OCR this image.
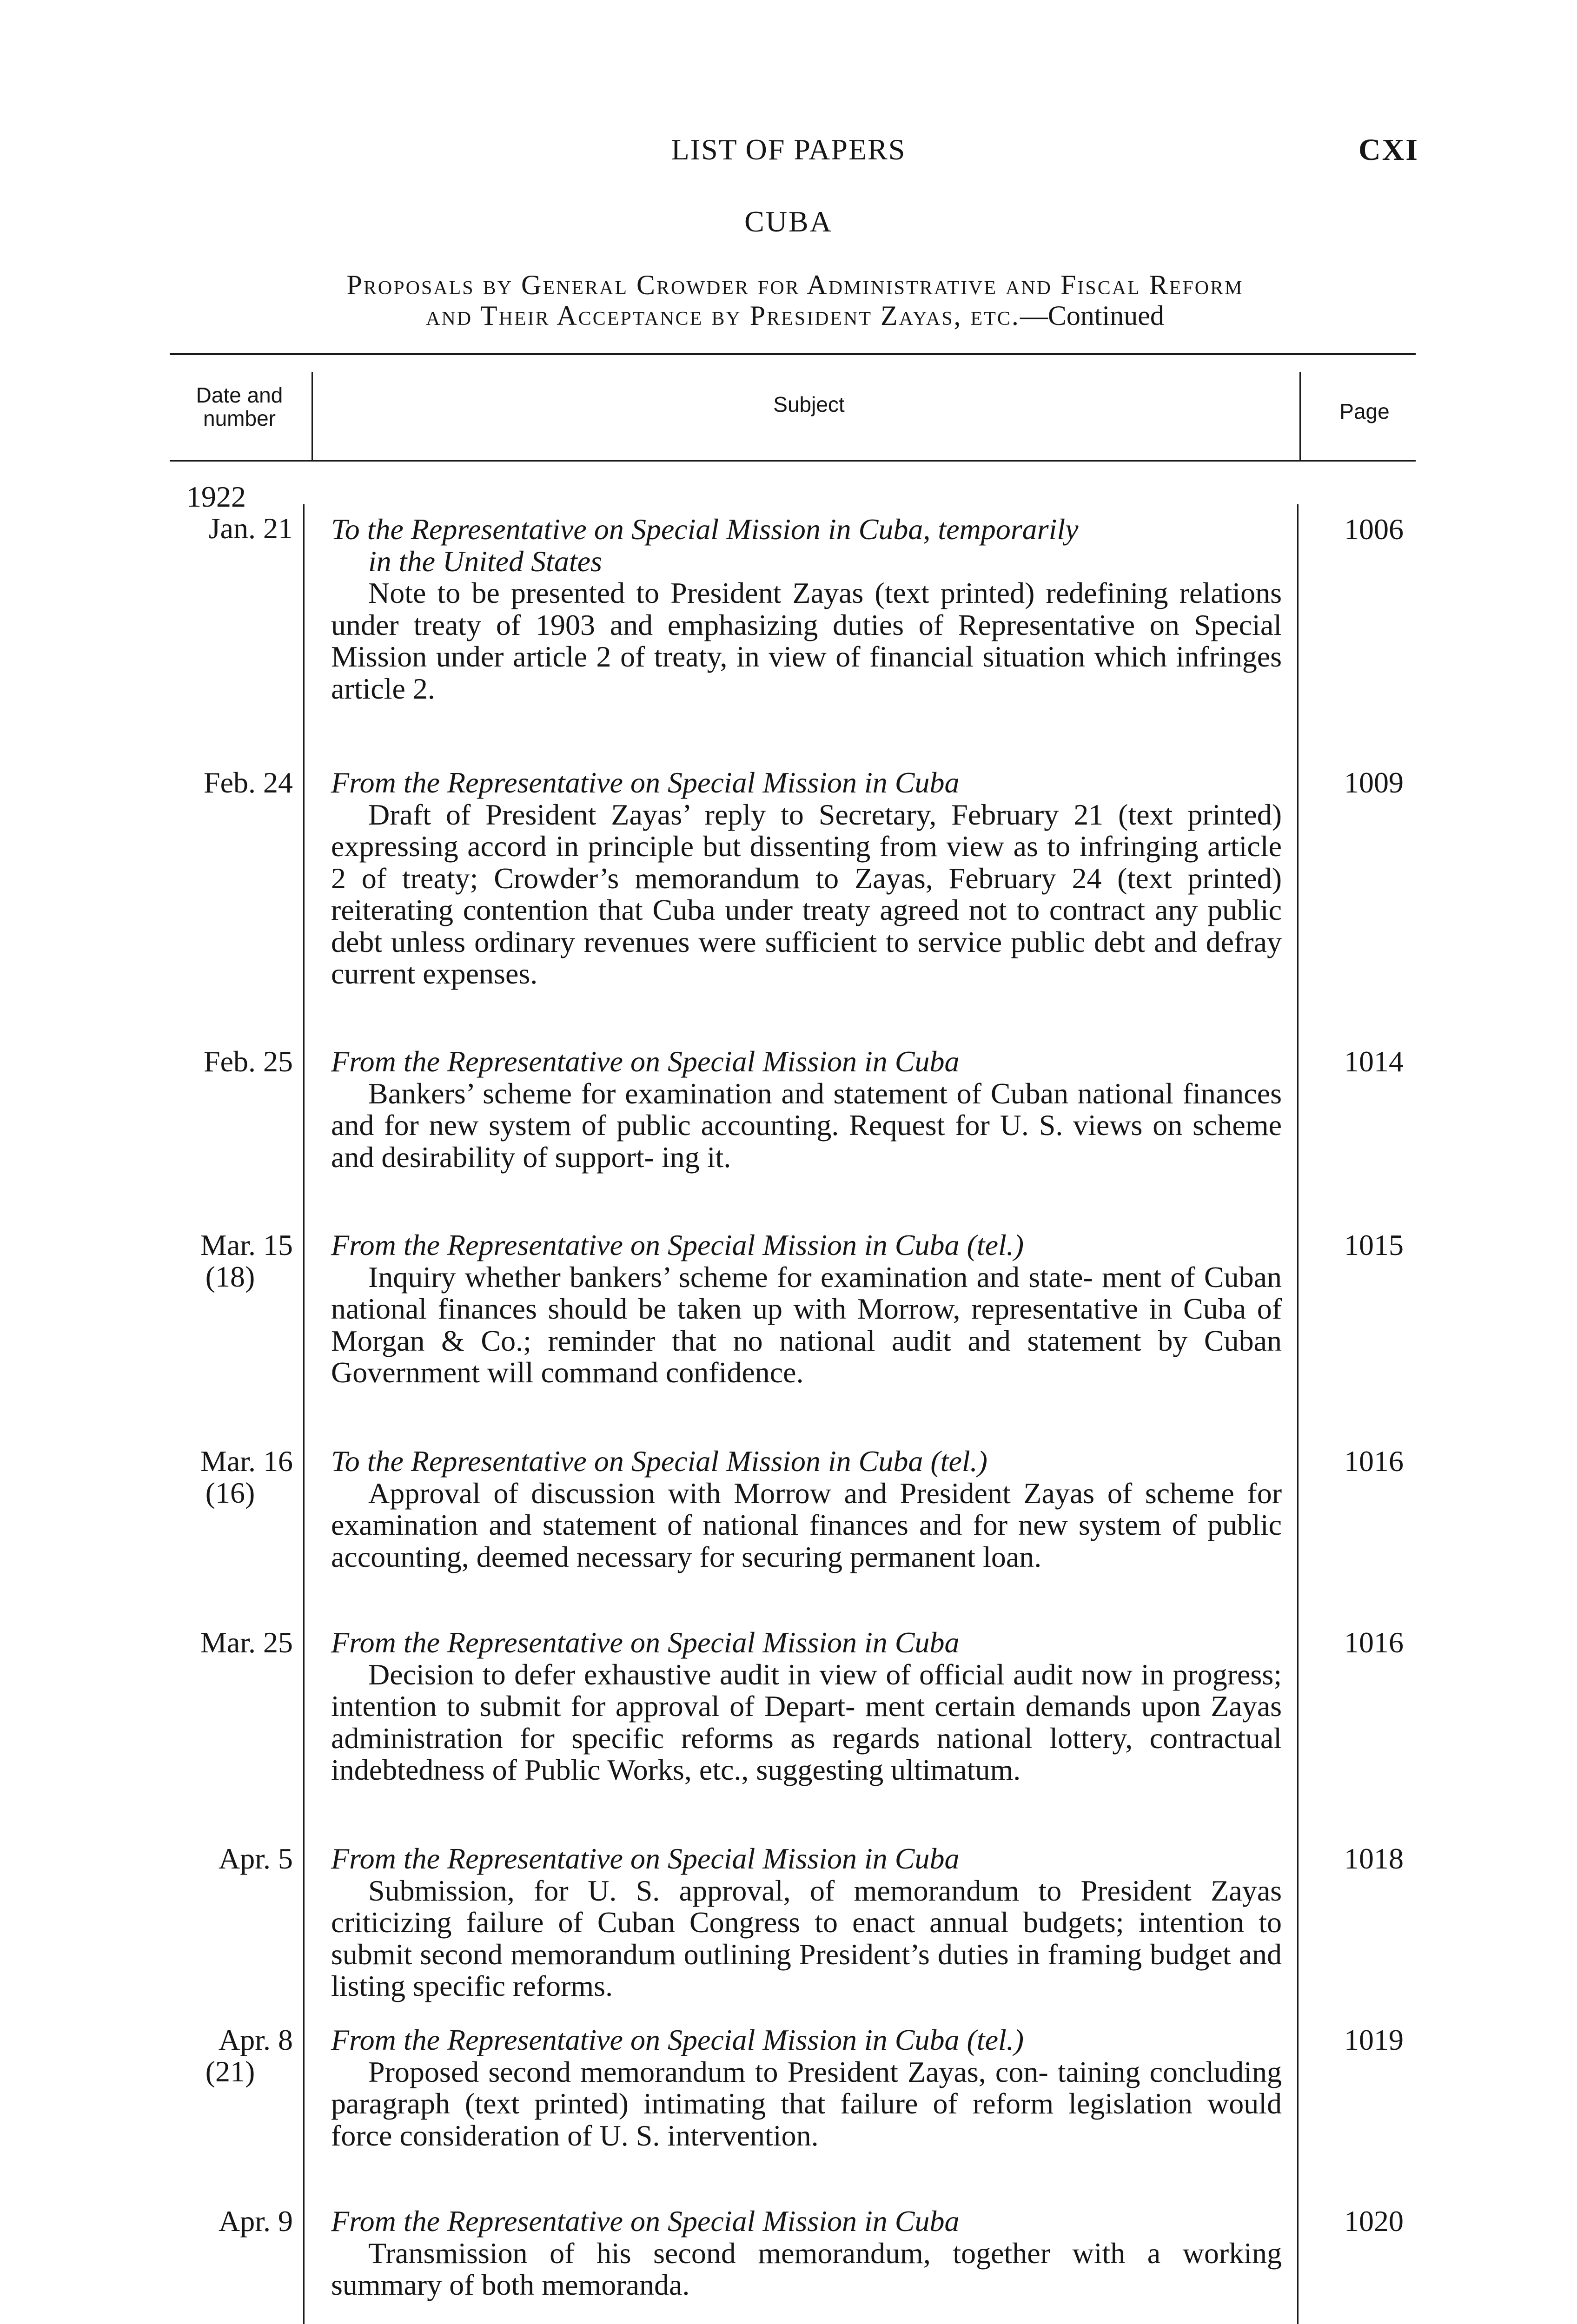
LIST OF PAPERS	CXI
CUBA
Proposals by General Crowder for Administrative and Fiscal Reform
and Their Acceptance by President Zayas, etc.—Continued
Date and
number
Subject	Page
1922
Jan. 21 To the Representative on Special Mission in Cuba, temporarily
in the United States
Note to be presented to President Zayas (text printed) redefining relations under treaty of 1903 and emphasizing duties of Representative on Special Mission under article 2 of treaty, in view of financial situation which infringes article 2.
1006
Feb. 24 From the Representative on Special Mission in Cuba
Draft of President Zayas’ reply to Secretary, February 21 (text printed) expressing accord in principle but dissenting from view as to infringing article 2 of treaty; Crowder’s memorandum to Zayas, February 24 (text printed) reiterating contention that Cuba under treaty agreed not to contract any public debt unless ordinary revenues were sufficient to service public debt and defray current expenses.
1009
Feb. 25 From the Representative on Special Mission in Cuba
Bankers’ scheme for examination and statement of Cuban national finances and for new system of public accounting. Request for U. S. views on scheme and desirability of support- ing it.
1014
Mar. 15
(18)
From the Representative on Special Mission in Cuba (tel.)
Inquiry whether bankers’ scheme for examination and state- ment of Cuban national finances should be taken up with Morrow, representative in Cuba of Morgan & Co.; reminder that no national audit and statement by Cuban Government will command confidence.
1015
Mar. 16
(16)
To the Representative on Special Mission in Cuba (tel.)
Approval of discussion with Morrow and President Zayas of scheme for examination and statement of national finances and for new system of public accounting, deemed necessary for securing permanent loan.
1016
Mar. 25 From the Representative on Special Mission in Cuba
Decision to defer exhaustive audit in view of official audit now in progress; intention to submit for approval of Depart- ment certain demands upon Zayas administration for specific reforms as regards national lottery, contractual indebtedness of Public Works, etc., suggesting ultimatum.
1016
Apr. 5 From the Representative on Special Mission in Cuba
Submission, for U. S. approval, of memorandum to President Zayas criticizing failure of Cuban Congress to enact annual budgets; intention to submit second memorandum outlining President’s duties in framing budget and listing specific reforms.
1018
Apr. 8
(21)
From the Representative on Special Mission in Cuba (tel.)
Proposed second memorandum to President Zayas, con- taining concluding paragraph (text printed) intimating that failure of reform legislation would force consideration of U. S. intervention.
1019
Apr. 9 From the Representative on Special Mission in Cuba
Transmission of his second memorandum, together with a working summary of both memoranda.
1020
